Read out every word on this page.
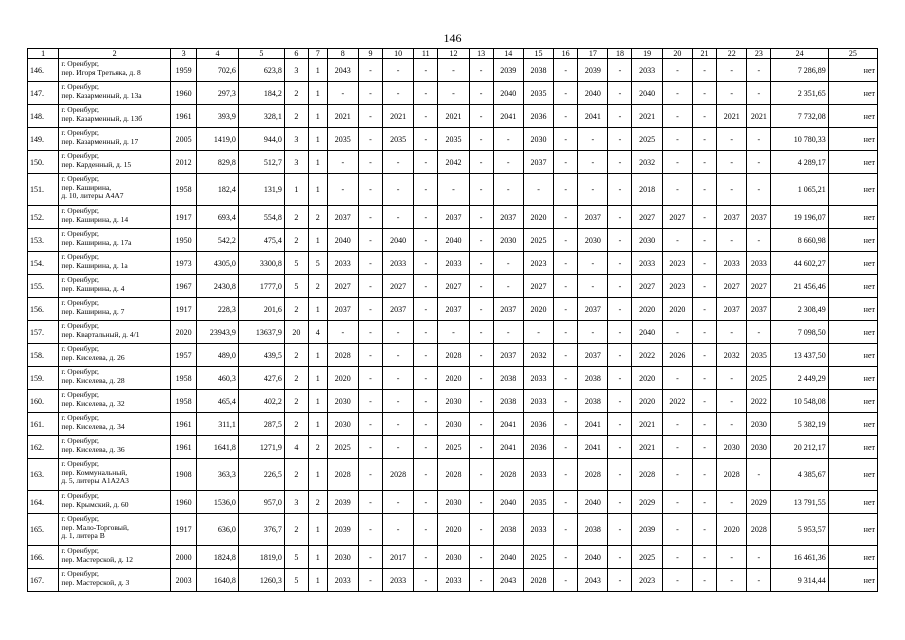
146
1	2	3	4	5	6	7	8	9	10	11	12	13	14	15	16	17	18	19	20	21	22	23	24	25
146.	г. Оренбург,
пер. Игоря Третьяка, д. 8	1959	702,6	623,8	3	1	2043	-	-	-	-	-	2039	2038	-	2039	-	2033	-	-	-	-	7 286,89	нет
147.	г. Оренбург,
пер. Казарменный, д. 13а	1960	297,3	184,2	2	1	-	-	-	-	-	-	2040	2035	-	2040	-	2040	-	-	-	-	2 351,65	нет
148.	г. Оренбург,
пер. Казарменный, д. 13б	1961	393,9	328,1	2	1	2021	-	2021	-	2021	-	2041	2036	-	2041	-	2021	-	-	2021	2021	7 732,08	нет
149.	г. Оренбург,
пер. Казарменный, д. 17	2005	1419,0	944,0	3	1	2035	-	2035	-	2035	-	-	2030	-	-	-	2025	-	-	-	-	10 780,33	нет
150.	г. Оренбург,
пер. Карденный, д. 15	2012	829,8	512,7	3	1	-	-	-	-	2042	-	-	2037	-	-	-	2032	-	-	-	-	4 289,17	нет
151.	г. Оренбург,
пер. Каширина,
д. 10, литеры А4А7	1958	182,4	131,9	1	1	-	-	-	-	-	-	-	-	-	-	-	2018	-	-	-	-	1 065,21	нет
152.	г. Оренбург,
пер. Каширина, д. 14	1917	693,4	554,8	2	2	2037	-	-	-	2037	-	2037	2020	-	2037	-	2027	2027	-	2037	2037	19 196,07	нет
153.	г. Оренбург,
пер. Каширина, д. 17а	1950	542,2	475,4	2	1	2040	-	2040	-	2040	-	2030	2025	-	2030	-	2030	-	-	-	-	8 660,98	нет
154.	г. Оренбург,
пер. Каширина, д. 1а	1973	4305,0	3300,8	5	5	2033	-	2033	-	2033	-	-	2023	-	-	-	2033	2023	-	2033	2033	44 602,27	нет
155.	г. Оренбург,
пер. Каширина, д. 4	1967	2430,8	1777,0	5	2	2027	-	2027	-	2027	-	-	2027	-	-	-	2027	2023	-	2027	2027	21 456,46	нет
156.	г. Оренбург,
пер. Каширина, д. 7	1917	228,3	201,6	2	1	2037	-	2037	-	2037	-	2037	2020	-	2037	-	2020	2020	-	2037	2037	2 308,49	нет
157.	г. Оренбург,
пер. Квартальный, д. 4/1	2020	23943,9	13637,9	20	4	-	-	-	-	-	-	-	-	-	-	-	2040	-	-	-	-	7 098,50	нет
158.	г. Оренбург,
пер. Киселева, д. 26	1957	489,0	439,5	2	1	2028	-	-	-	2028	-	2037	2032	-	2037	-	2022	2026	-	2032	2035	13 437,50	нет
159.	г. Оренбург,
пер. Киселева, д. 28	1958	460,3	427,6	2	1	2020	-	-	-	2020	-	2038	2033	-	2038	-	2020	-	-	-	2025	2 449,29	нет
160.	г. Оренбург,
пер. Киселева, д. 32	1958	465,4	402,2	2	1	2030	-	-	-	2030	-	2038	2033	-	2038	-	2020	2022	-	-	2022	10 548,08	нет
161.	г. Оренбург,
пер. Киселева, д. 34	1961	311,1	287,5	2	1	2030	-	-	-	2030	-	2041	2036	-	2041	-	2021	-	-	-	2030	5 382,19	нет
162.	г. Оренбург,
пер. Киселева, д. 36	1961	1641,8	1271,9	4	2	2025	-	-	-	2025	-	2041	2036	-	2041	-	2021	-	-	2030	2030	20 212,17	нет
163.	г. Оренбург,
пер. Коммунальный,
д. 5, литеры А1А2А3	1908	363,3	226,5	2	1	2028	-	2028	-	2028	-	2028	2033	-	2028	-	2028	-	-	2028	-	4 385,67	нет
164.	г. Оренбург,
пер. Крымский, д. 60	1960	1536,0	957,0	3	2	2039	-	-	-	2030	-	2040	2035	-	2040	-	2029	-	-	-	2029	13 791,55	нет
165.	г. Оренбург,
пер. Мало-Торговый,
д. 1, литера В	1917	636,0	376,7	2	1	2039	-	-	-	2020	-	2038	2033	-	2038	-	2039	-	-	2020	2028	5 953,57	нет
166.	г. Оренбург,
пер. Мастерской, д. 12	2000	1824,8	1819,0	5	1	2030	-	2017	-	2030	-	2040	2025	-	2040	-	2025	-	-	-	-	16 461,36	нет
167.	г. Оренбург,
пер. Мастерской, д. 3	2003	1640,8	1260,3	5	1	2033	-	2033	-	2033	-	2043	2028	-	2043	-	2023	-	-	-	-	9 314,44	нет
